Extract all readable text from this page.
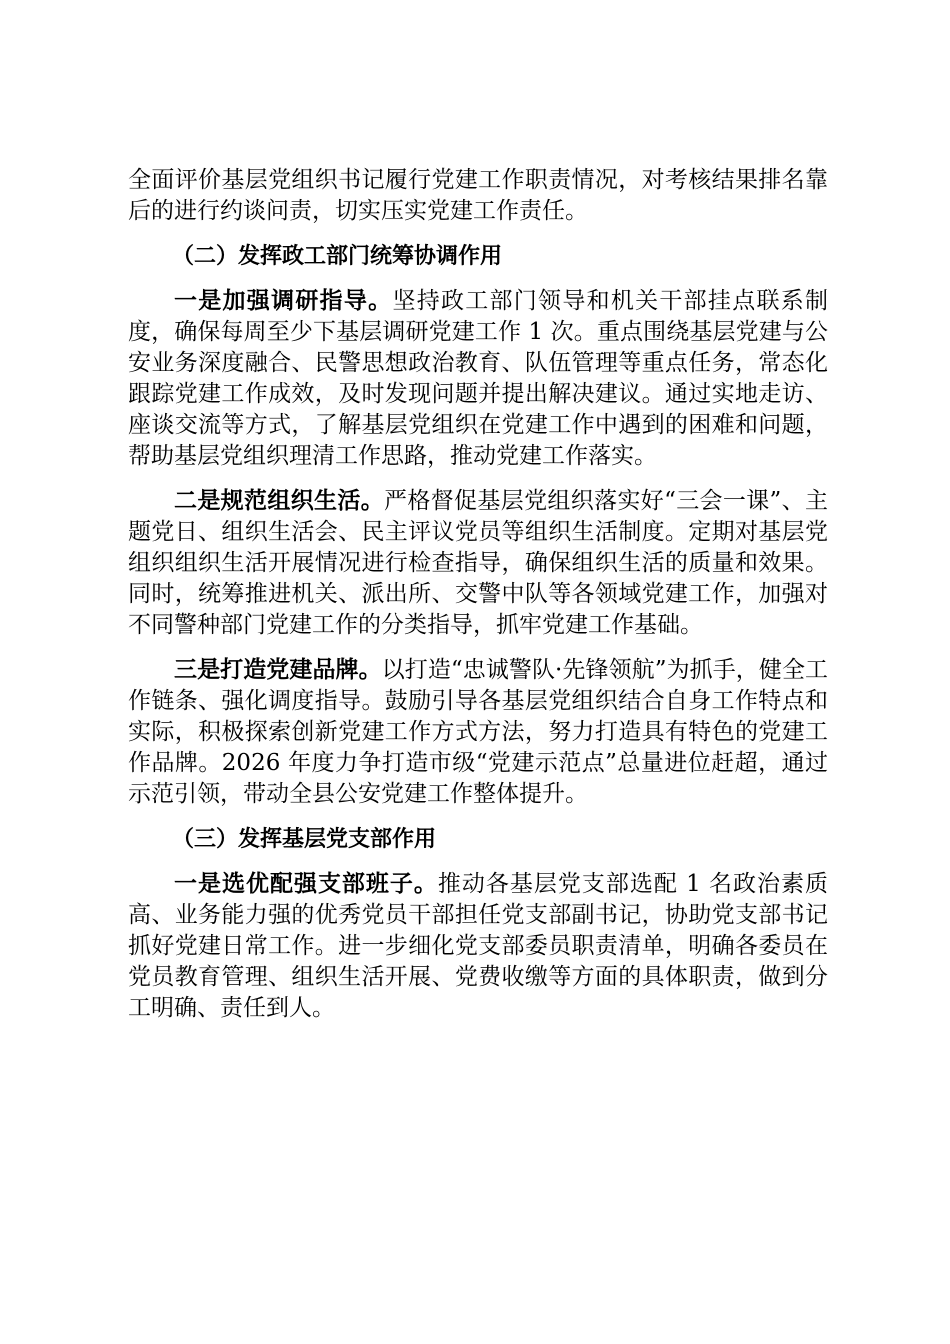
全面评价基层党组织书记履行党建工作职责情况，对考核结果排名靠后的进行约谈问责，切实压实党建工作责任。

（二）发挥政工部门统筹协调作用

一是加强调研指导。坚持政工部门领导和机关干部挂点联系制度，确保每周至少下基层调研党建工作 1 次。重点围绕基层党建与公安业务深度融合、民警思想政治教育、队伍管理等重点任务，常态化跟踪党建工作成效，及时发现问题并提出解决建议。通过实地走访、座谈交流等方式，了解基层党组织在党建工作中遇到的困难和问题，帮助基层党组织理清工作思路，推动党建工作落实。

二是规范组织生活。严格督促基层党组织落实好“三会一课”、主题党日、组织生活会、民主评议党员等组织生活制度。定期对基层党组织组织生活开展情况进行检查指导，确保组织生活的质量和效果。同时，统筹推进机关、派出所、交警中队等各领域党建工作，加强对不同警种部门党建工作的分类指导，抓牢党建工作基础。

三是打造党建品牌。以打造“忠诚警队·先锋领航”为抓手，健全工作链条、强化调度指导。鼓励引导各基层党组织结合自身工作特点和实际，积极探索创新党建工作方式方法，努力打造具有特色的党建工作品牌。2026 年度力争打造市级“党建示范点”总量进位赶超，通过示范引领，带动全县公安党建工作整体提升。

（三）发挥基层党支部作用

一是选优配强支部班子。推动各基层党支部选配 1 名政治素质高、业务能力强的优秀党员干部担任党支部副书记，协助党支部书记抓好党建日常工作。进一步细化党支部委员职责清单，明确各委员在党员教育管理、组织生活开展、党费收缴等方面的具体职责，做到分工明确、责任到人。
